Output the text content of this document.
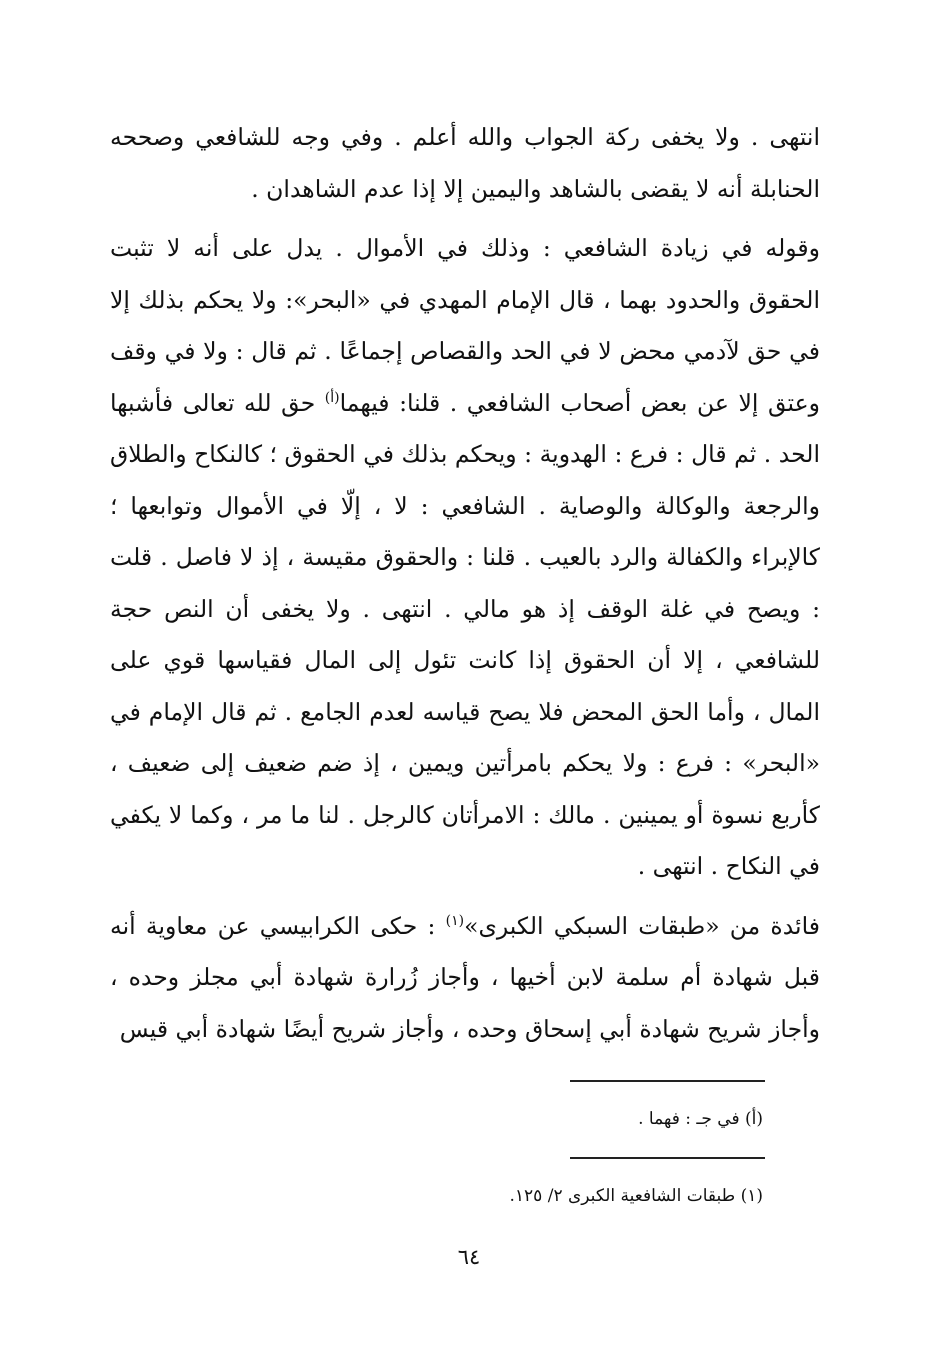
انتهى . ولا يخفى ركة الجواب والله أعلم . وفي وجه للشافعي وصححه الحنابلة أنه لا يقضى بالشاهد واليمين إلا إذا عدم الشاهدان .

وقوله في زيادة الشافعي : وذلك في الأموال . يدل على أنه لا تثبت الحقوق والحدود بهما ، قال الإمام المهدي في «البحر»: ولا يحكم بذلك إلا في حق لآدمي محض لا في الحد والقصاص إجماعًا . ثم قال : ولا في وقف وعتق إلا عن بعض أصحاب الشافعي . قلنا: فيهما$^{(أ)}$ حق لله تعالى فأشبها الحد . ثم قال : فرع : الهدوية : ويحكم بذلك في الحقوق ؛ كالنكاح والطلاق والرجعة والوكالة والوصاية . الشافعي : لا ، إلّا في الأموال وتوابعها ؛ كالإبراء والكفالة والرد بالعيب . قلنا : والحقوق مقيسة ، إذ لا فاصل . قلت : ويصح في غلة الوقف إذ هو مالي . انتهى . ولا يخفى أن النص حجة للشافعي ، إلا أن الحقوق إذا كانت تئول إلى المال فقياسها قوي على المال ، وأما الحق المحض فلا يصح قياسه لعدم الجامع . ثم قال الإمام في «البحر» : فرع : ولا يحكم بامرأتين ويمين ، إذ ضم ضعيف إلى ضعيف ، كأربع نسوة أو يمينين . مالك : الامرأتان كالرجل . لنا ما مر ، وكما لا يكفي في النكاح . انتهى .

فائدة من «طبقات السبكي الكبرى»$^{(١)}$ : حكى الكرابيسي عن معاوية أنه قبل شهادة أم سلمة لابن أخيها ، وأجاز زُرارة شهادة أبي مجلز وحده ، وأجاز شريح شهادة أبي إسحاق وحده ، وأجاز شريح أيضًا شهادة أبي قيس

(أ) في جـ : فهما .
(١) طبقات الشافعية الكبرى ٢/ ١٢٥.
٦٤
